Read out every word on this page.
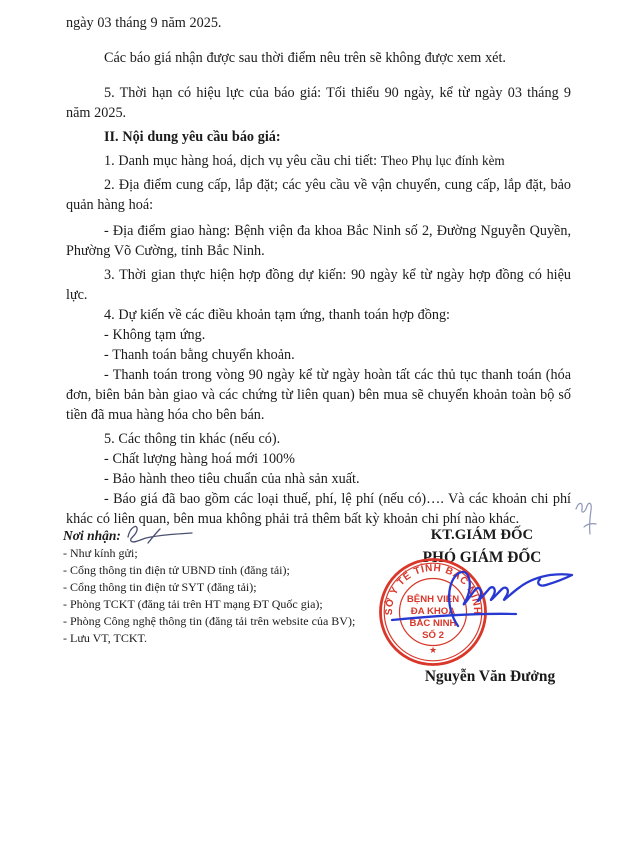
ngày 03 tháng 9 năm 2025.

Các báo giá nhận được sau thời điểm nêu trên sẽ không được xem xét.

5. Thời hạn có hiệu lực của báo giá: Tối thiểu 90 ngày, kể từ ngày 03 tháng 9 năm 2025.

II. Nội dung yêu cầu báo giá:

1. Danh mục hàng hoá, dịch vụ yêu cầu chi tiết: Theo Phụ lục đính kèm

2. Địa điểm cung cấp, lắp đặt; các yêu cầu về vận chuyển, cung cấp, lắp đặt, bảo quản hàng hoá:

- Địa điểm giao hàng: Bệnh viện đa khoa Bắc Ninh số 2, Đường Nguyễn Quyền, Phường Võ Cường, tỉnh Bắc Ninh.

3. Thời gian thực hiện hợp đồng dự kiến: 90 ngày kể từ ngày hợp đồng có hiệu lực.

4. Dự kiến về các điều khoản tạm ứng, thanh toán hợp đồng:

- Không tạm ứng.

- Thanh toán bằng chuyển khoản.

- Thanh toán trong vòng 90 ngày kể từ ngày hoàn tất các thủ tục thanh toán (hóa đơn, biên bản bàn giao và các chứng từ liên quan) bên mua sẽ chuyển khoản toàn bộ số tiền đã mua hàng hóa cho bên bán.

5. Các thông tin khác (nếu có).

- Chất lượng hàng hoá mới 100%

- Bảo hành theo tiêu chuẩn của nhà sản xuất.

- Báo giá đã bao gồm các loại thuế, phí, lệ phí (nếu có)…. Và các khoản chi phí khác có liên quan, bên mua không phải trả thêm bất kỳ khoản chi phí nào khác.

Nơi nhận:

- Như kính gửi;

- Cổng thông tin điện tử UBND tỉnh (đăng tải);

- Cổng thông tin điện tử SYT (đăng tải);

- Phòng TCKT (đăng tải trên HT mạng ĐT Quốc gia);

- Phòng Công nghệ thông tin (đăng tải trên website của BV);

- Lưu VT, TCKT.

KT.GIÁM ĐỐC

PHÓ GIÁM ĐỐC

Nguyễn Văn Đưởng

SỞ Y TẾ TỈNH BẮC NINH
BỆNH VIỆN
ĐA KHOA
BẮC NINH
SỐ 2
★
